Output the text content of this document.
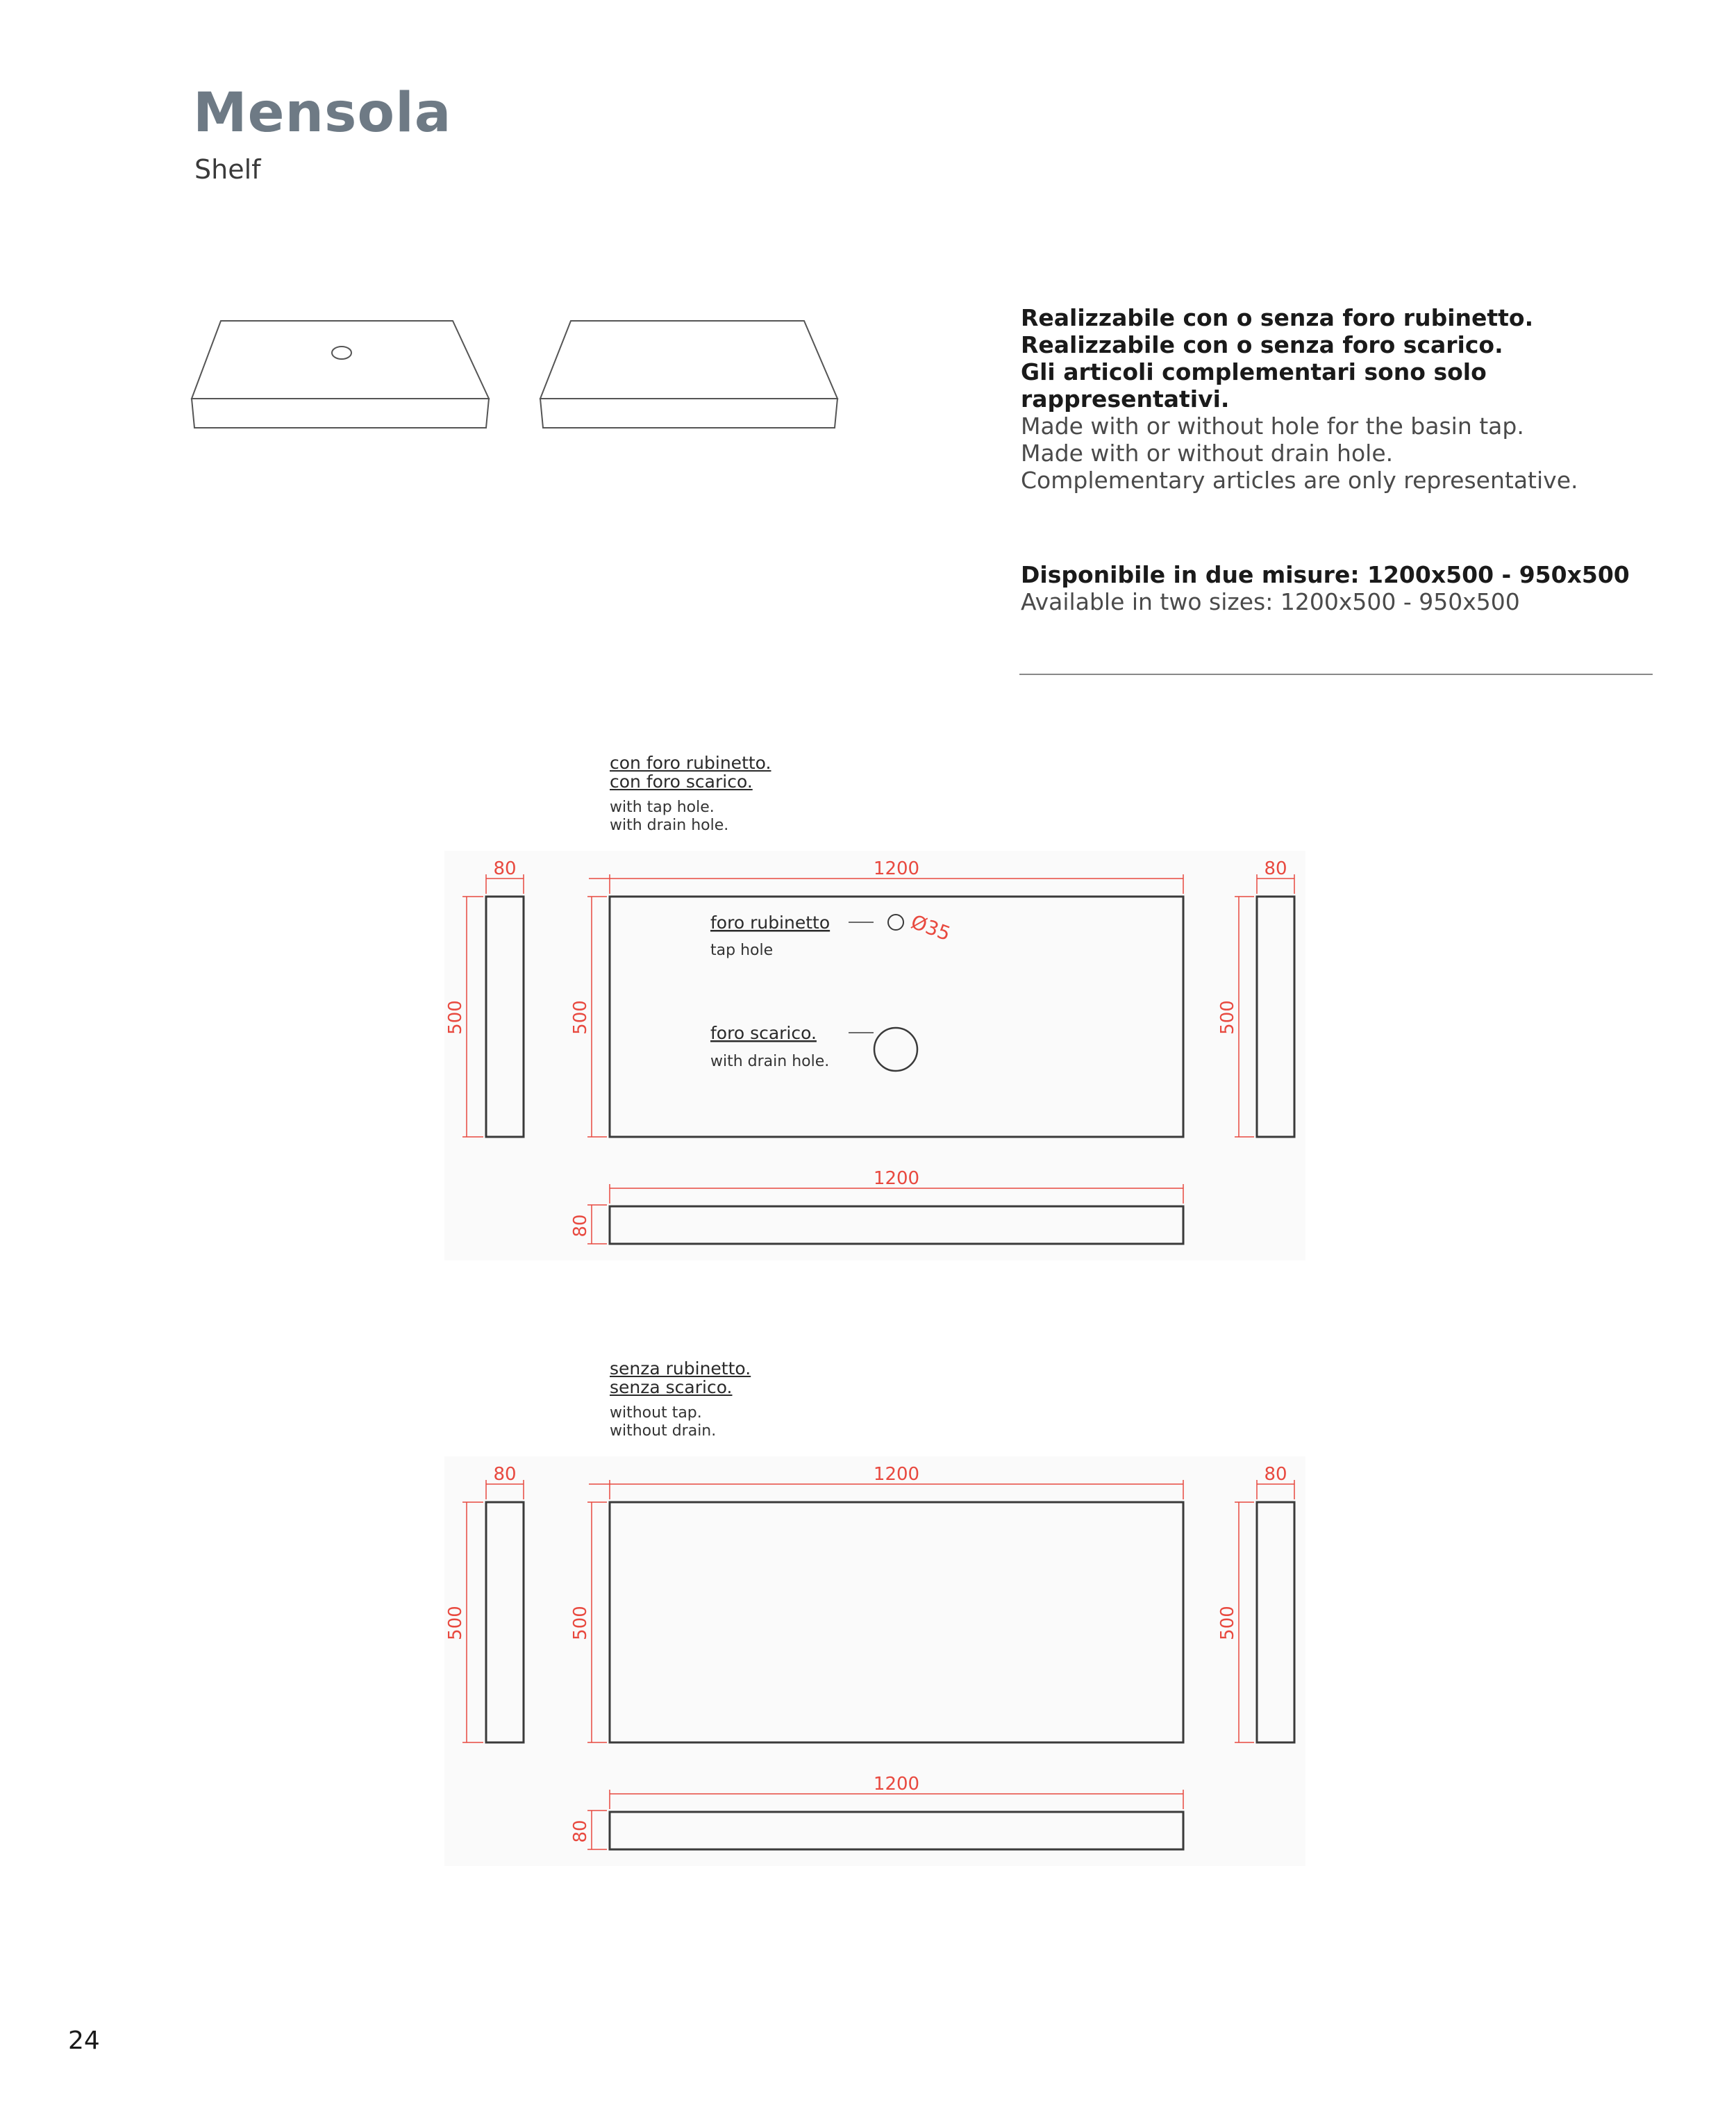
Mensola
Shelf
Realizzabile con o senza foro rubinetto.
Realizzabile con o senza foro scarico.
Gli articoli complementari sono solo rappresentativi.
Made with or without hole for the basin tap.
Made with or without drain hole.
Complementary articles are only representative.
Disponibile in due misure: 1200x500 - 950x500
Available in two sizes: 1200x500 - 950x500
con foro rubinetto.
con foro scarico.
with tap hole.
with drain hole.
80
500
1200
500
Ø35
foro rubinetto
tap hole
foro scarico.
with drain hole.
80
500
1200
80
senza rubinetto.
senza scarico.
without tap.
without drain.
80
500
1200
500
80
500
1200
80
24
